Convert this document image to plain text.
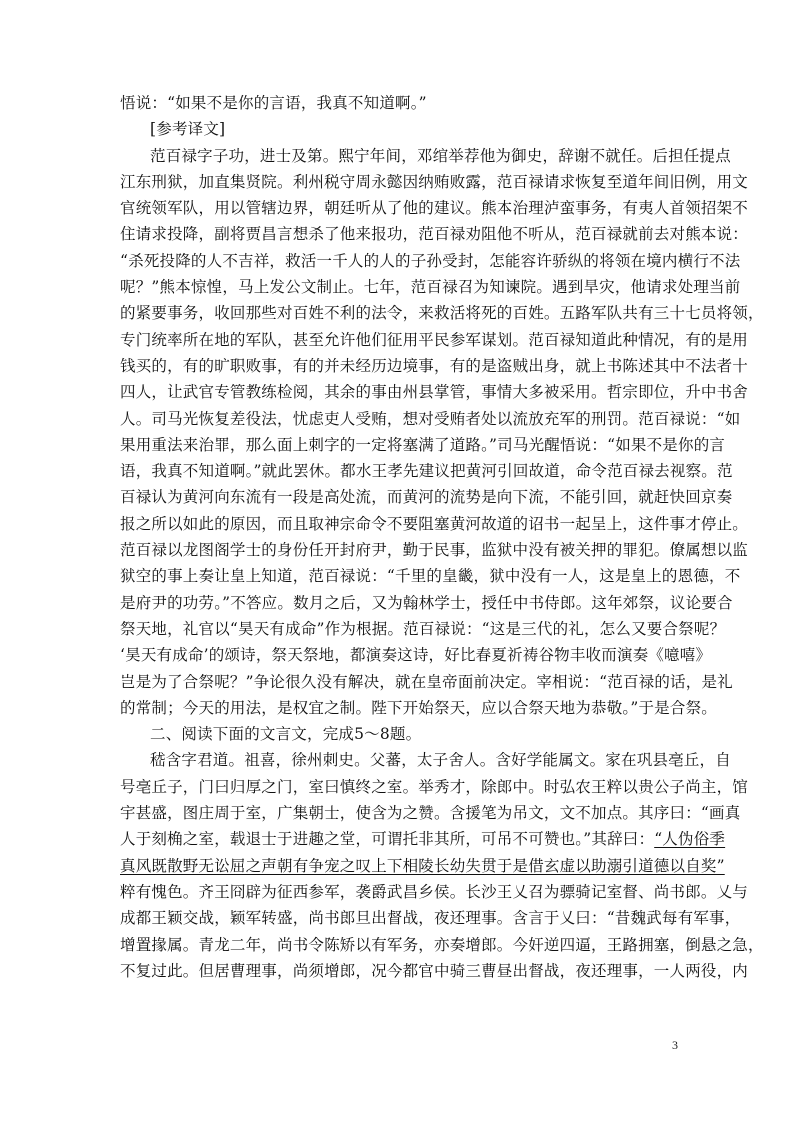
悟说：“如果不是你的言语，我真不知道啊。”
[参考译文]
范百禄字子功，进士及第。熙宁年间，邓绾举荐他为御史，辞谢不就任。后担任提点
江东刑狱，加直集贤院。利州税守周永懿因纳贿败露，范百禄请求恢复至道年间旧例，用文
官统领军队，用以管辖边界，朝廷听从了他的建议。熊本治理泸蛮事务，有夷人首领招架不
住请求投降，副将贾昌言想杀了他来报功，范百禄劝阻他不听从，范百禄就前去对熊本说：
“杀死投降的人不吉祥，救活一千人的人的子孙受封，怎能容许骄纵的将领在境内横行不法
呢？”熊本惊惶，马上发公文制止。七年，范百禄召为知谏院。遇到旱灾，他请求处理当前
的紧要事务，收回那些对百姓不利的法令，来救活将死的百姓。五路军队共有三十七员将领，
专门统率所在地的军队，甚至允许他们征用平民参军谋划。范百禄知道此种情况，有的是用
钱买的，有的旷职败事，有的并未经历边境事，有的是盗贼出身，就上书陈述其中不法者十
四人，让武官专管教练检阅，其余的事由州县掌管，事情大多被采用。哲宗即位，升中书舍
人。司马光恢复差役法，忧虑吏人受贿，想对受贿者处以流放充军的刑罚。范百禄说：“如
果用重法来治罪，那么面上刺字的一定将塞满了道路。”司马光醒悟说：“如果不是你的言
语，我真不知道啊。”就此罢休。都水王孝先建议把黄河引回故道，命令范百禄去视察。范
百禄认为黄河向东流有一段是高处流，而黄河的流势是向下流，不能引回，就赶快回京奏
报之所以如此的原因，而且取神宗命令不要阻塞黄河故道的诏书一起呈上，这件事才停止。
范百禄以龙图阁学士的身份任开封府尹，勤于民事，监狱中没有被关押的罪犯。僚属想以监
狱空的事上奏让皇上知道，范百禄说：“千里的皇畿，狱中没有一人，这是皇上的恩德，不
是府尹的功劳。”不答应。数月之后，又为翰林学士，授任中书侍郎。这年郊祭，议论要合
祭天地，礼官以“昊天有成命”作为根据。范百禄说：“这是三代的礼，怎么又要合祭呢？
‘昊天有成命’的颂诗，祭天祭地，都演奏这诗，好比春夏祈祷谷物丰收而演奏《噫嘻》
岂是为了合祭呢？”争论很久没有解决，就在皇帝面前决定。宰相说：“范百禄的话，是礼
的常制；今天的用法，是权宜之制。陛下开始祭天，应以合祭天地为恭敬。”于是合祭。
二、阅读下面的文言文，完成5～8题。
嵇含字君道。祖喜，徐州刺史。父蕃，太子舍人。含好学能属文。家在巩县亳丘，自
号亳丘子，门曰归厚之门，室曰慎终之室。举秀才，除郎中。时弘农王粹以贵公子尚主，馆
宇甚盛，图庄周于室，广集朝士，使含为之赞。含援笔为吊文，文不加点。其序曰：“画真
人于刻桷之室，载退士于进趣之堂，可谓托非其所，可吊不可赞也。”其辞曰：“人伪俗季
真风既散野无讼屈之声朝有争宠之叹上下相陵长幼失贯于是借玄虚以助溺引道德以自奖”
粹有愧色。齐王冏辟为征西参军，袭爵武昌乡侯。长沙王乂召为骠骑记室督、尚书郎。乂与
成都王颖交战，颖军转盛，尚书郎旦出督战，夜还理事。含言于乂曰：“昔魏武每有军事，
增置掾属。青龙二年，尚书令陈矫以有军务，亦奏增郎。今奸逆四逼，王路拥塞，倒悬之急，
不复过此。但居曹理事，尚须增郎，况今都官中骑三曹昼出督战，夜还理事，一人两役，内
3
